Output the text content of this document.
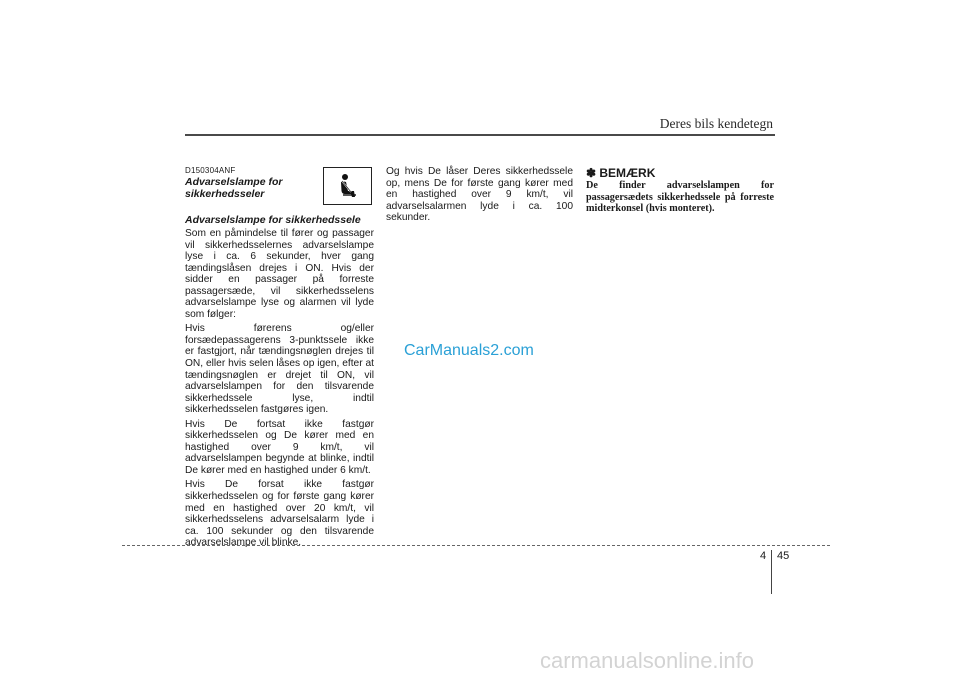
Deres bils kendetegn
D150304ANF
Advarselslampe for sikkerhedsseler
Advarselslampe for sikkerhedssele

Som en påmindelse til fører og passager vil sikkerhedsselernes advarselslampe lyse i ca. 6 sekunder, hver gang tændingslåsen drejes i ON. Hvis der sidder en passager på forreste passagersæde, vil sikkerhedsselens advarselslampe lyse og alarmen vil lyde som følger:

Hvis førerens og/eller forsædepassagerens 3-punktssele ikke er fastgjort, når tændingsnøglen drejes til ON, eller hvis selen låses op igen, efter at tændingsnøglen er drejet til ON, vil advarselslampen for den tilsvarende sikkerhedssele lyse, indtil sikkerhedsselen fastgøres igen.

Hvis De fortsat ikke fastgør sikkerhedsselen og De kører med en hastighed over 9 km/t, vil advarselslampen begynde at blinke, indtil De kører med en hastighed under 6 km/t.

Hvis De forsat ikke fastgør sikkerhedsselen og for første gang kører med en hastighed over 20 km/t, vil sikkerhedsselens advarselsalarm lyde i ca. 100 sekunder og den tilsvarende advarselslampe vil blinke.

Og hvis De låser Deres sikkerhedssele op, mens De for første gang kører med en hastighed over 9 km/t, vil advarselsalarmen lyde i ca. 100 sekunder.

✽ BEMÆRK
De finder advarselslampen for passagersædets sikkerhedssele på forreste midterkonsel (hvis monteret).
CarManuals2.com
4 45
carmanualsonline.info
